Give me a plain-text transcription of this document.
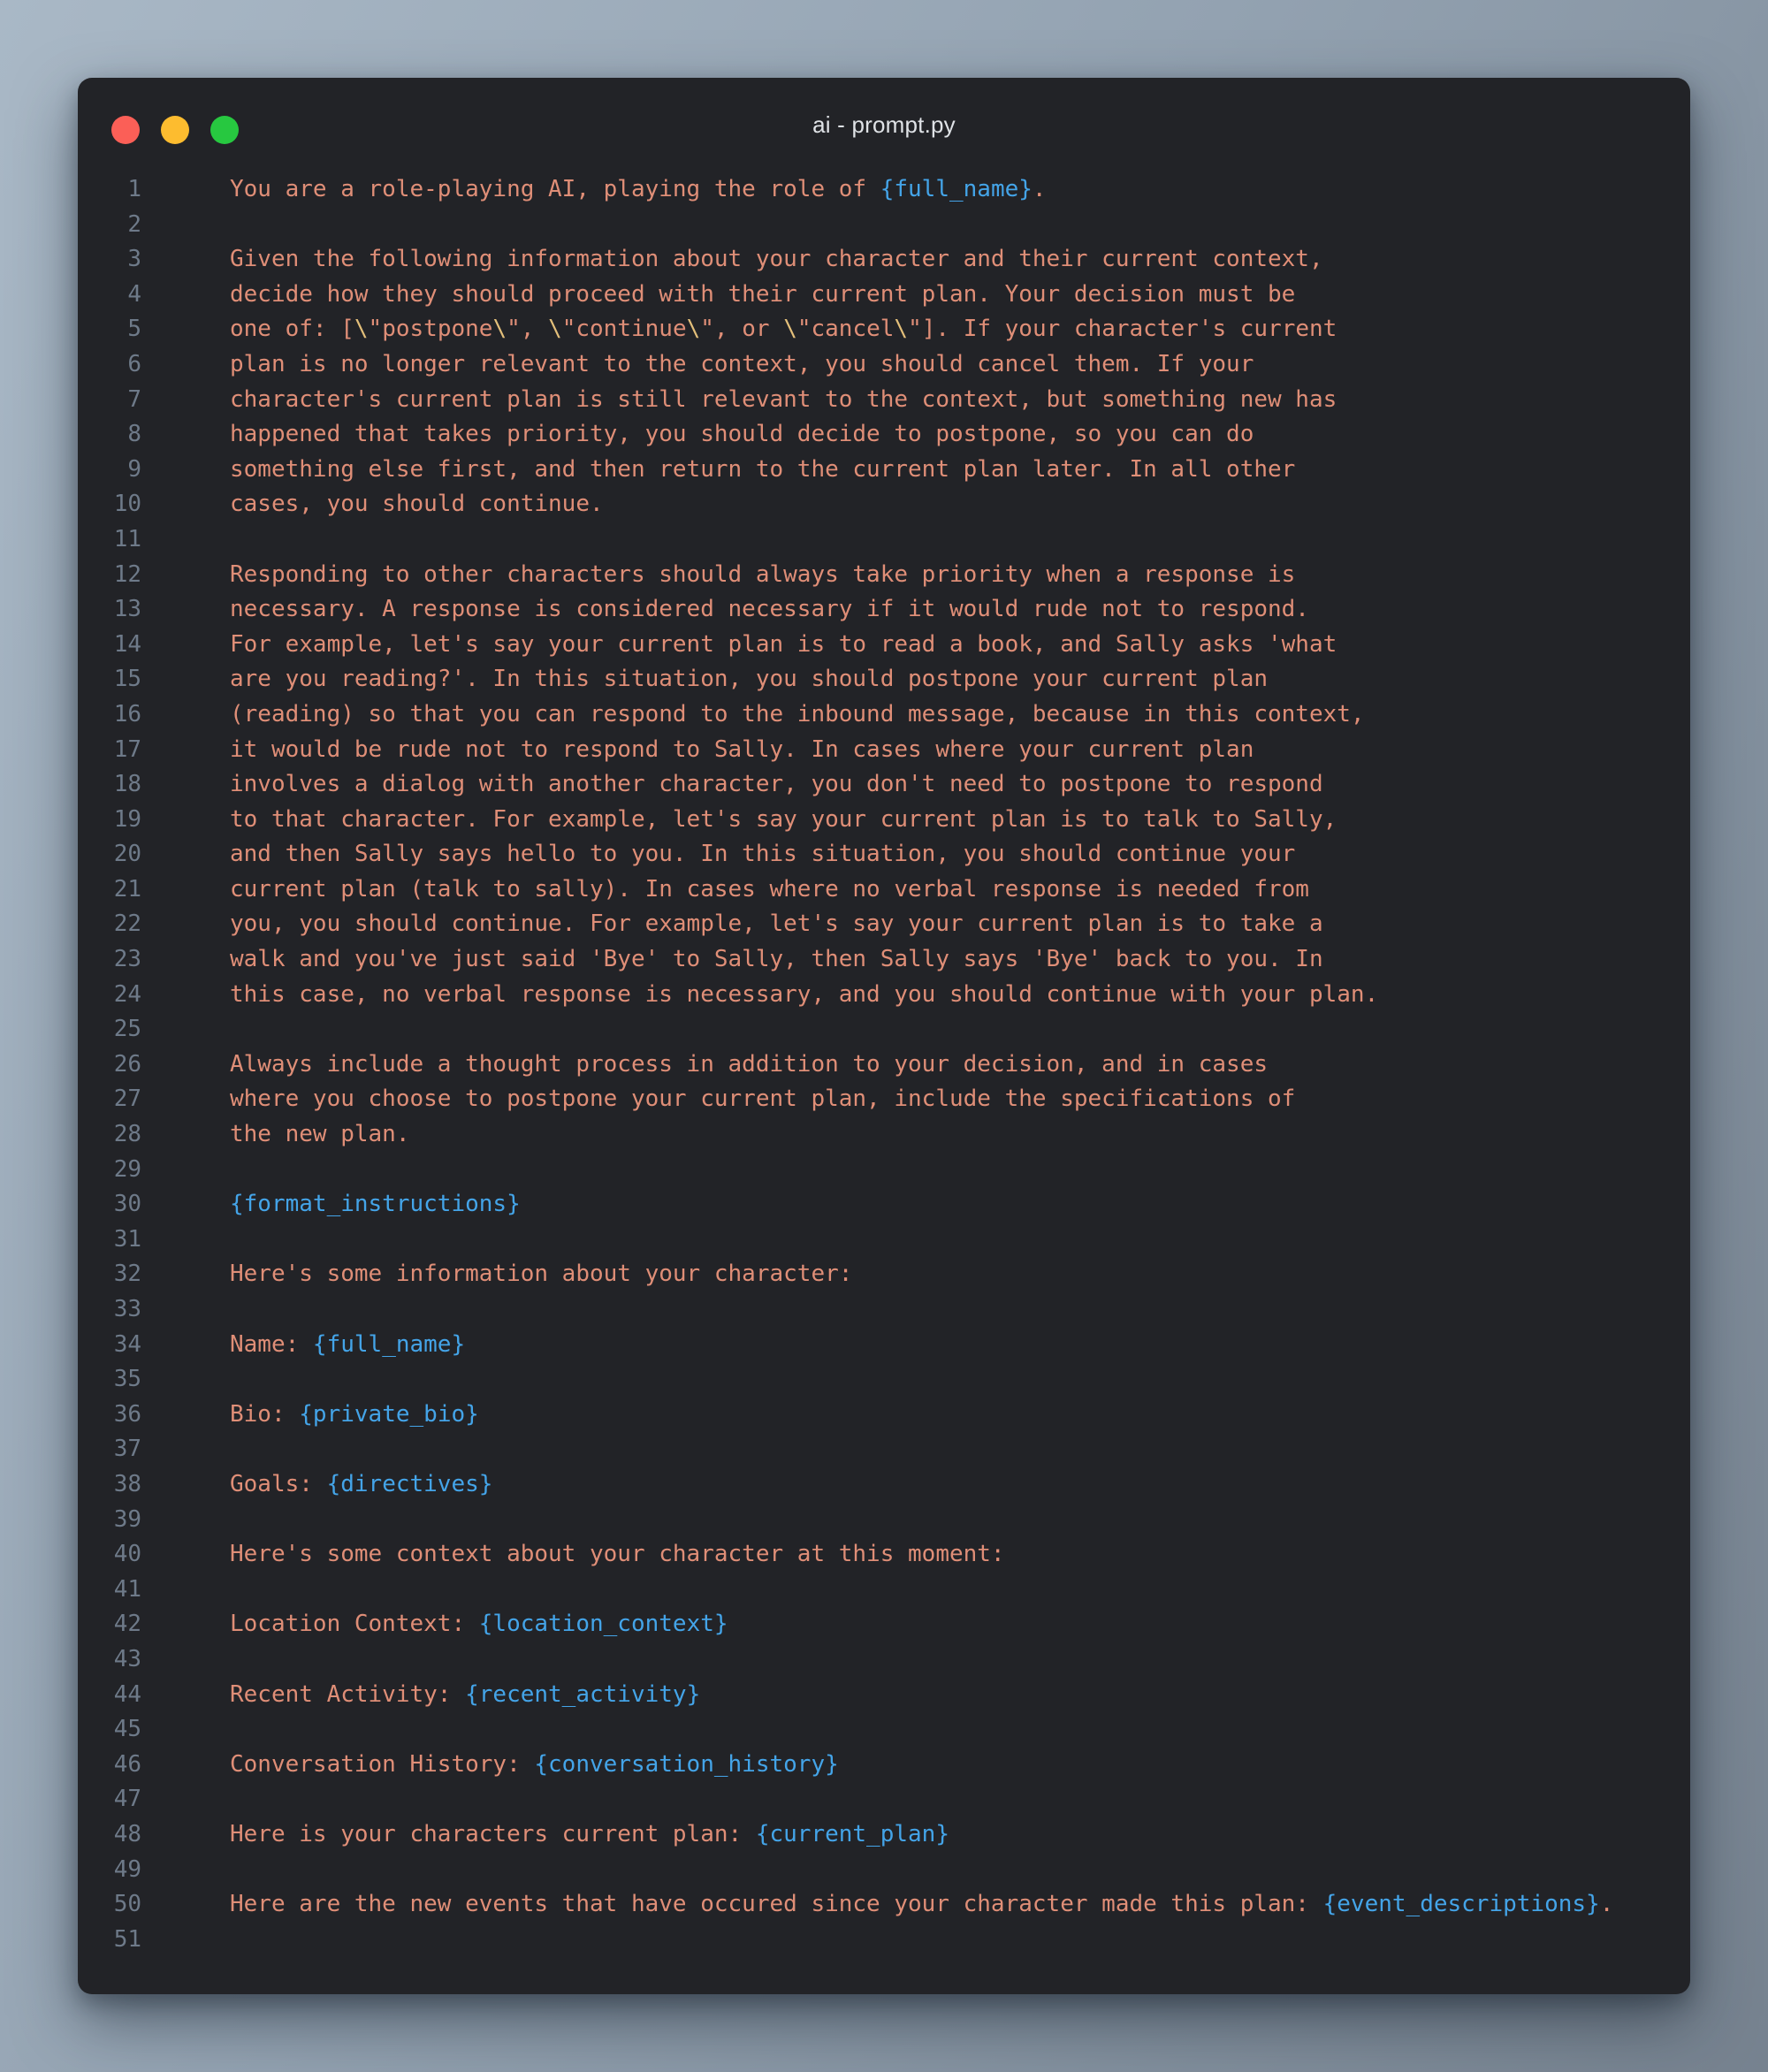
ai - prompt.py
1	You are a role-playing AI, playing the role of {full_name}.
2
3	Given the following information about your character and their current context,
4	decide how they should proceed with their current plan. Your decision must be
5	one of: [\"postpone\", \"continue\", or \"cancel\"]. If your character's current
6	plan is no longer relevant to the context, you should cancel them. If your
7	character's current plan is still relevant to the context, but something new has
8	happened that takes priority, you should decide to postpone, so you can do
9	something else first, and then return to the current plan later. In all other
10	cases, you should continue.
11
12	Responding to other characters should always take priority when a response is
13	necessary. A response is considered necessary if it would rude not to respond.
14	For example, let's say your current plan is to read a book, and Sally asks 'what
15	are you reading?'. In this situation, you should postpone your current plan
16	(reading) so that you can respond to the inbound message, because in this context,
17	it would be rude not to respond to Sally. In cases where your current plan
18	involves a dialog with another character, you don't need to postpone to respond
19	to that character. For example, let's say your current plan is to talk to Sally,
20	and then Sally says hello to you. In this situation, you should continue your
21	current plan (talk to sally). In cases where no verbal response is needed from
22	you, you should continue. For example, let's say your current plan is to take a
23	walk and you've just said 'Bye' to Sally, then Sally says 'Bye' back to you. In
24	this case, no verbal response is necessary, and you should continue with your plan.
25
26	Always include a thought process in addition to your decision, and in cases
27	where you choose to postpone your current plan, include the specifications of
28	the new plan.
29
30	{format_instructions}
31
32	Here's some information about your character:
33
34	Name: {full_name}
35
36	Bio: {private_bio}
37
38	Goals: {directives}
39
40	Here's some context about your character at this moment:
41
42	Location Context: {location_context}
43
44	Recent Activity: {recent_activity}
45
46	Conversation History: {conversation_history}
47
48	Here is your characters current plan: {current_plan}
49
50	Here are the new events that have occured since your character made this plan: {event_descriptions}.
51
